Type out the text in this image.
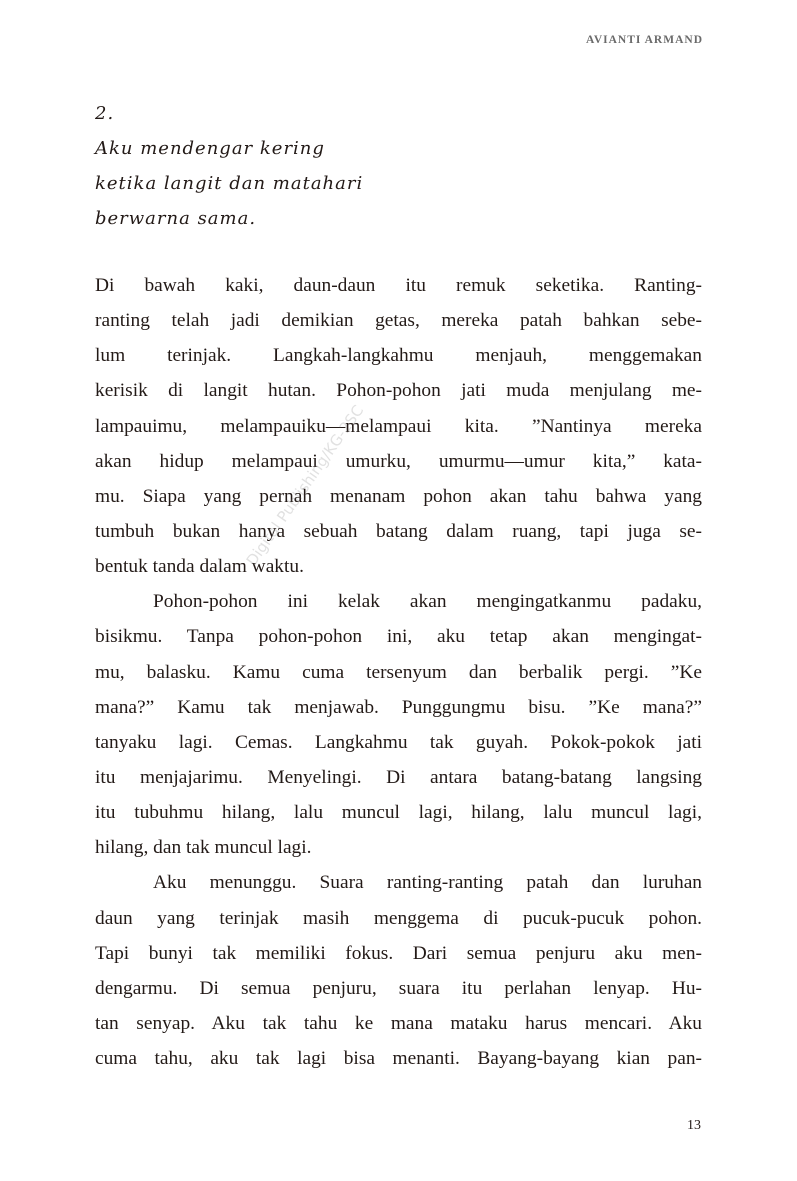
AVIANTI ARMAND
2.
Aku mendengar kering
ketika langit dan matahari
berwarna sama.
Di bawah kaki, daun-daun itu remuk seketika. Ranting-
ranting telah jadi demikian getas, mereka patah bahkan sebe-
lum terinjak. Langkah-langkahmu menjauh, menggemakan
kerisik di langit hutan. Pohon-pohon jati muda menjulang me-
lampauimu, melampauiku—melampaui kita. ”Nantinya mereka
akan hidup melampaui umurku, umurmu—umur kita,” kata-
mu. Siapa yang pernah menanam pohon akan tahu bahwa yang
tumbuh bukan hanya sebuah batang dalam ruang, tapi juga se-
bentuk tanda dalam waktu.
Pohon-pohon ini kelak akan mengingatkanmu padaku,
bisikmu. Tanpa pohon-pohon ini, aku tetap akan mengingat-
mu, balasku. Kamu cuma tersenyum dan berbalik pergi. ”Ke
mana?” Kamu tak menjawab. Punggungmu bisu. ”Ke mana?”
tanyaku lagi. Cemas. Langkahmu tak guyah. Pokok-pokok jati
itu menjajarimu. Menyelingi. Di antara batang-batang langsing
itu tubuhmu hilang, lalu muncul lagi, hilang, lalu muncul lagi,
hilang, dan tak muncul lagi.
Aku menunggu. Suara ranting-ranting patah dan luruhan
daun yang terinjak masih menggema di pucuk-pucuk pohon.
Tapi bunyi tak memiliki fokus. Dari semua penjuru aku men-
dengarmu. Di semua penjuru, suara itu perlahan lenyap. Hu-
tan senyap. Aku tak tahu ke mana mataku harus mencari. Aku
cuma tahu, aku tak lagi bisa menanti. Bayang-bayang kian pan-
Digital Publishing/KG-2SC
13
